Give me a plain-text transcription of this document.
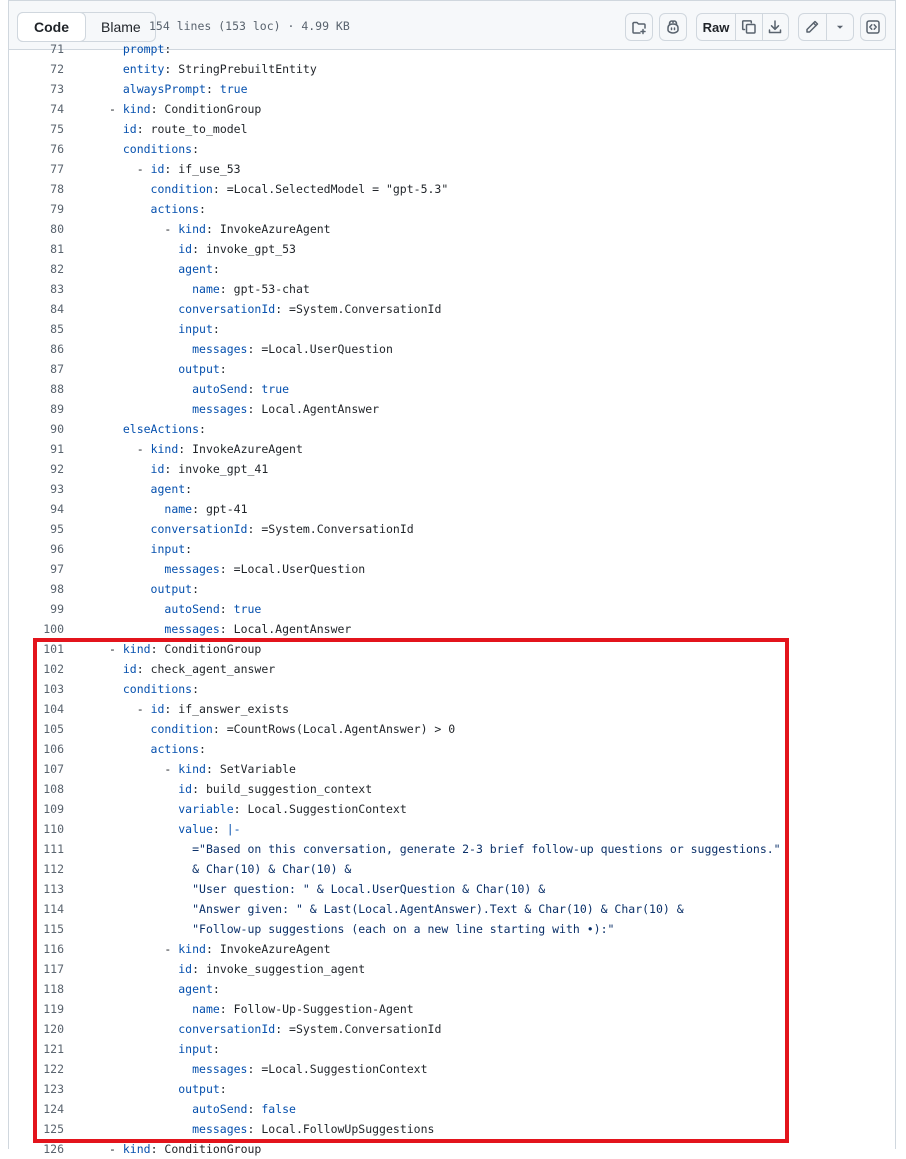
Code	Blame 154 lines (153 loc) · 4.99 KB	Raw
71	prompt:
72	entity: StringPrebuiltEntity
73	alwaysPrompt: true
74	- kind: ConditionGroup
75	id: route_to_model
76	conditions:
77	- id: if_use_53
78	condition: =Local.SelectedModel = "gpt-5.3"
79	actions:
80	- kind: InvokeAzureAgent
81	id: invoke_gpt_53
82	agent:
83	name: gpt-53-chat
84	conversationId: =System.ConversationId
85	input:
86	messages: =Local.UserQuestion
87	output:
88	autoSend: true
89	messages: Local.AgentAnswer
90	elseActions:
91	- kind: InvokeAzureAgent
92	id: invoke_gpt_41
93	agent:
94	name: gpt-41
95	conversationId: =System.ConversationId
96	input:
97	messages: =Local.UserQuestion
98	output:
99	autoSend: true
100	messages: Local.AgentAnswer
101	- kind: ConditionGroup
102	id: check_agent_answer
103	conditions:
104	- id: if_answer_exists
105	condition: =CountRows(Local.AgentAnswer) > 0
106	actions:
107	- kind: SetVariable
108	id: build_suggestion_context
109	variable: Local.SuggestionContext
110	value: |-
111	="Based on this conversation, generate 2-3 brief follow-up questions or suggestions."
112	& Char(10) & Char(10) &
113	"User question: " & Local.UserQuestion & Char(10) &
114	"Answer given: " & Last(Local.AgentAnswer).Text & Char(10) & Char(10) &
115	"Follow-up suggestions (each on a new line starting with •):"
116	- kind: InvokeAzureAgent
117	id: invoke_suggestion_agent
118	agent:
119	name: Follow-Up-Suggestion-Agent
120	conversationId: =System.ConversationId
121	input:
122	messages: =Local.SuggestionContext
123	output:
124	autoSend: false
125	messages: Local.FollowUpSuggestions
126	- kind: ConditionGroup
